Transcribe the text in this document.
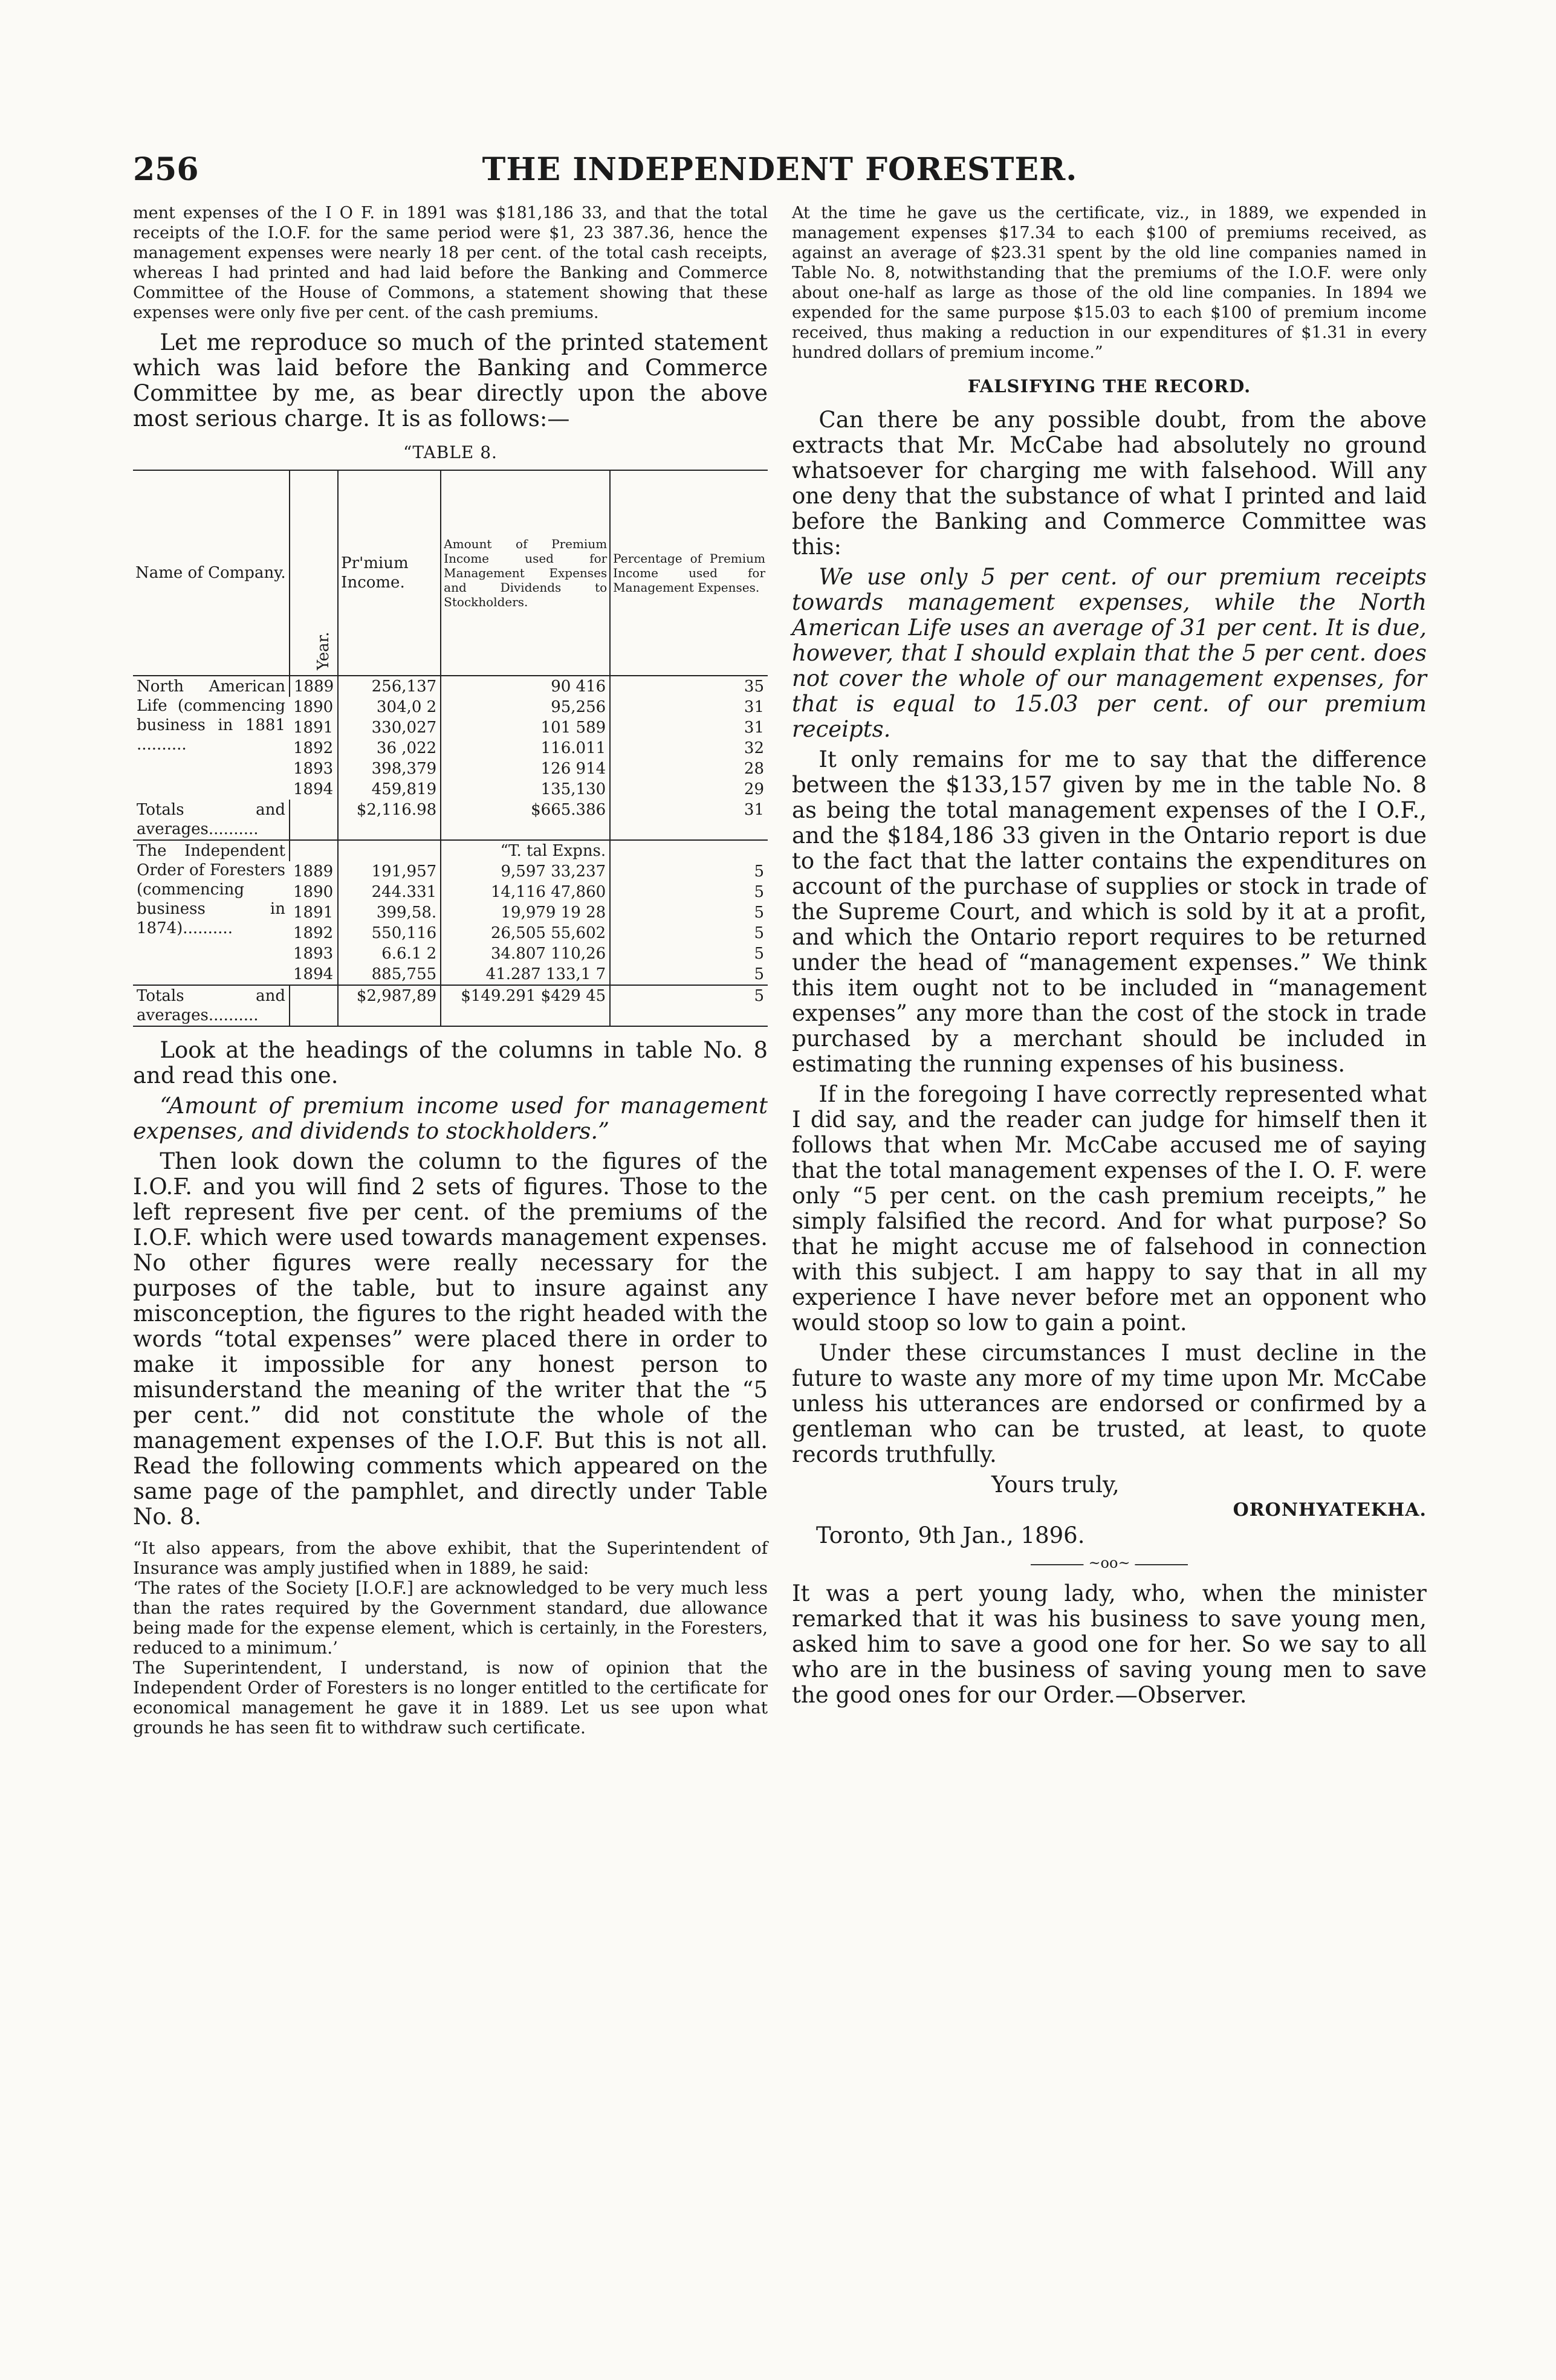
THE INDEPENDENT FORESTER.
256

ment expenses of the I O F. in 1891 was $181,186 33, and that the total receipts of the I.O.F. for the same period were $1, 23 387.36, hence the management expenses were nearly 18 per cent. of the total cash receipts, whereas I had printed and had laid before the Banking and Commerce Committee of the House of Commons, a statement showing that these expenses were only five per cent. of the cash premiums.

Let me reproduce so much of the printed statement which was laid before the Banking and Commerce Committee by me, as bear directly upon the above most serious charge. It is as follows:—

“TABLE 8.
Name of Company.	Year.	Pr'mium Income.	Amount of Premium Income used for Management Expenses and Dividends to Stockholders.	Percentage of Premium Income used for Management Expenses.
North American Life (commencing business in 1881 ..........	1889	256,137	90 416	35
	1890	304,0 2	95,256	31
	1891	330,027	101 589	31
	1892	36 ,022	116.011	32
	1893	398,379	126 914	28
	1894	459,819	135,130	29
Totals and averages..........		$2,116.98	$665.386	31
The Independent Order of Foresters (commencing business in 1874)..........			“T. tal Expns.	
	1889	191,957	9,597 33,237	5
	1890	244.331	14,116 47,860	5
	1891	399,58.	19,979 19 28	5
	1892	550,116	26,505 55,602	5
	1893	6.6.1 2	34.807 110,26	5
	1894	885,755	41.287 133,1 7	5
Totals and averages..........		$2,987,89	$149.291 $429 45	5

Look at the headings of the columns in table No. 8 and read this one.

“Amount of premium income used for management expenses, and dividends to stockholders.”

Then look down the column to the figures of the I.O.F. and you will find 2 sets of figures. Those to the left represent five per cent. of the premiums of the I.O.F. which were used towards management expenses. No other figures were really necessary for the purposes of the table, but to insure against any misconception, the figures to the right headed with the words “total expenses” were placed there in order to make it impossible for any honest person to misunderstand the meaning of the writer that the “5 per cent.” did not constitute the whole of the management expenses of the I.O.F. But this is not all. Read the following comments which appeared on the same page of the pamphlet, and directly under Table No. 8.

“It also appears, from the above exhibit, that the Superintendent of Insurance was amply justified when in 1889, he said:

‘The rates of the Society [I.O.F.] are acknowledged to be very much less than the rates required by the Government standard, due allowance being made for the expense element, which is certainly, in the Foresters, reduced to a minimum.’

The Superintendent, I understand, is now of opinion that the Independent Order of Foresters is no longer entitled to the certificate for economical management he gave it in 1889. Let us see upon what grounds he has seen fit to withdraw such certificate.

At the time he gave us the certificate, viz., in 1889, we expended in management expenses $17.34 to each $100 of premiums received, as against an average of $23.31 spent by the old line companies named in Table No. 8, notwithstanding that the premiums of the I.O.F. were only about one-half as large as those of the old line companies. In 1894 we expended for the same purpose $15.03 to each $100 of premium income received, thus making a reduction in our expenditures of $1.31 in every hundred dollars of premium income.”

FALSIFYING THE RECORD.

Can there be any possible doubt, from the above extracts that Mr. McCabe had absolutely no ground whatsoever for charging me with falsehood. Will any one deny that the substance of what I printed and laid before the Banking and Commerce Committee was this:

We use only 5 per cent. of our premium receipts towards management expenses, while the North American Life uses an average of 31 per cent. It is due, however, that I should explain that the 5 per cent. does not cover the whole of our management expenses, for that is equal to 15.03 per cent. of our premium receipts.

It only remains for me to say that the difference between the $133,157 given by me in the table No. 8 as being the total management expenses of the I O.F., and the $184,186 33 given in the Ontario report is due to the fact that the latter contains the expenditures on account of the purchase of supplies or stock in trade of the Supreme Court, and which is sold by it at a profit, and which the Ontario report requires to be returned under the head of “management expenses.” We think this item ought not to be included in “management expenses” any more than the cost of the stock in trade purchased by a merchant should be included in estimating the running expenses of his business.

If in the foregoing I have correctly represented what I did say, and the reader can judge for himself then it follows that when Mr. McCabe accused me of saying that the total management expenses of the I. O. F. were only “5 per cent. on the cash premium receipts,” he simply falsified the record. And for what purpose? So that he might accuse me of falsehood in connection with this subject. I am happy to say that in all my experience I have never before met an opponent who would stoop so low to gain a point.

Under these circumstances I must decline in the future to waste any more of my time upon Mr. McCabe unless his utterances are endorsed or confirmed by a gentleman who can be trusted, at least, to quote records truthfully.

Yours truly,

ORONHYATEKHA.

Toronto, 9th Jan., 1896.

~oo~

It was a pert young lady, who, when the minister remarked that it was his business to save young men, asked him to save a good one for her. So we say to all who are in the business of saving young men to save the good ones for our Order.—Observer.
